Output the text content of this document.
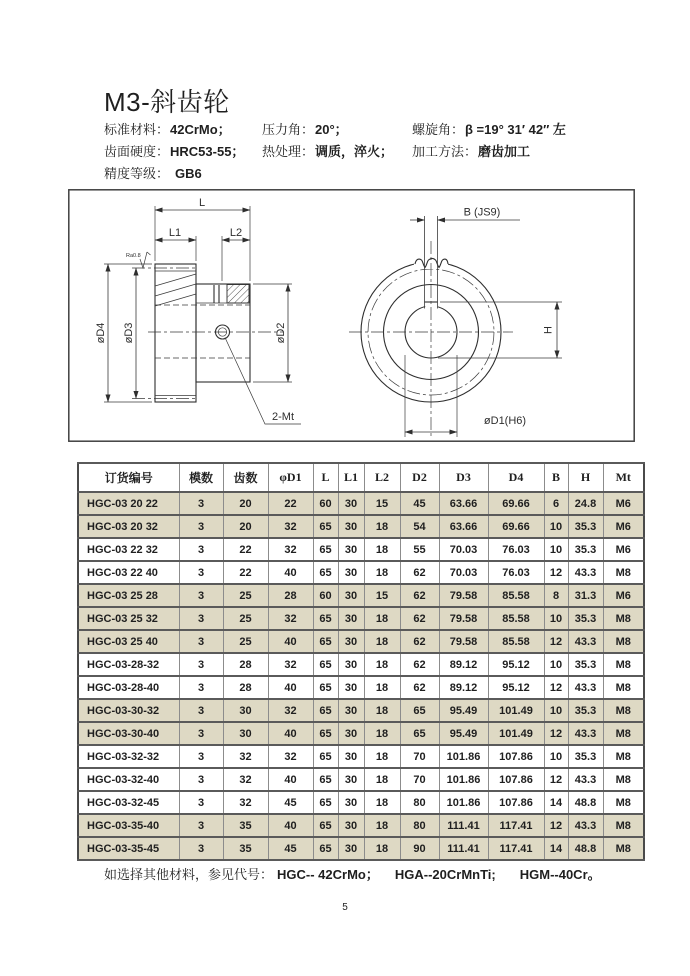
M3-斜齿轮
标准材料：42CrMo； 压力角：20°；	螺旋角：β =19° 31′ 42″ 左
齿面硬度：HRC53-55； 热处理：调质，淬火； 加工方法：磨齿加工
精度等级： GB6
L
L1	L2
2-Mt
øD4 øD3	øD2
Ra0.8
B (JS9)
H
øD1(H6)
订货编号	模数	齿数	φD1	L	L1	L2	D2	D3	D4	B	H	Mt
HGC-03 20 22	3	20	22	60	30	15	45	63.66	69.66	6	24.8	M6
HGC-03 20 32	3	20	32	65	30	18	54	63.66	69.66	10	35.3	M6
HGC-03 22 32	3	22	32	65	30	18	55	70.03	76.03	10	35.3	M6
HGC-03 22 40	3	22	40	65	30	18	62	70.03	76.03	12	43.3	M8
HGC-03 25 28	3	25	28	60	30	15	62	79.58	85.58	8	31.3	M6
HGC-03 25 32	3	25	32	65	30	18	62	79.58	85.58	10	35.3	M8
HGC-03 25 40	3	25	40	65	30	18	62	79.58	85.58	12	43.3	M8
HGC-03-28-32	3	28	32	65	30	18	62	89.12	95.12	10	35.3	M8
HGC-03-28-40	3	28	40	65	30	18	62	89.12	95.12	12	43.3	M8
HGC-03-30-32	3	30	32	65	30	18	65	95.49	101.49	10	35.3	M8
HGC-03-30-40	3	30	40	65	30	18	65	95.49	101.49	12	43.3	M8
HGC-03-32-32	3	32	32	65	30	18	70	101.86	107.86	10	35.3	M8
HGC-03-32-40	3	32	40	65	30	18	70	101.86	107.86	12	43.3	M8
HGC-03-32-45	3	32	45	65	30	18	80	101.86	107.86	14	48.8	M8
HGC-03-35-40	3	35	40	65	30	18	80	111.41	117.41	12	43.3	M8
HGC-03-35-45	3	35	45	65	30	18	90	111.41	117.41	14	48.8	M8
如选择其他材料，参见代号： HGC-- 42CrMo； HGA--20CrMnTi; HGM--40Cr。
5
